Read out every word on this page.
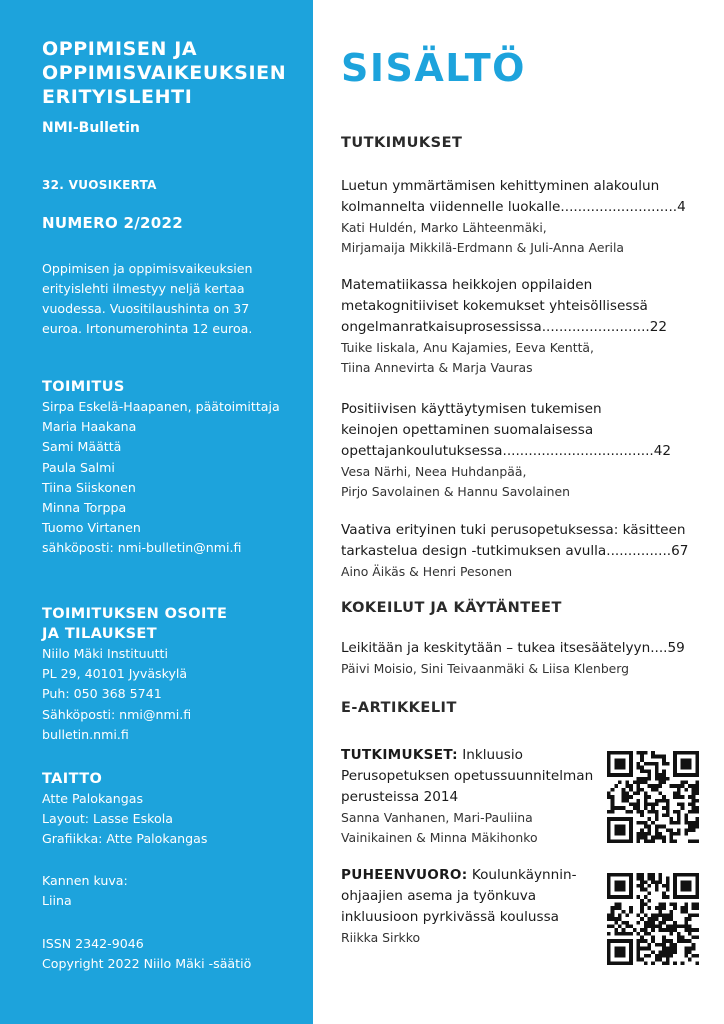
OPPIMISEN JA
OPPIMISVAIKEUKSIEN
ERITYISLEHTI
NMI-Bulletin
32. VUOSIKERTA
NUMERO 2/2022
Oppimisen ja oppimisvaikeuksien erityislehti ilmestyy neljä kertaa vuodessa. Vuositilaushinta on 37 euroa. Irtonumerohinta 12 euroa.
TOIMITUS
Sirpa Eskelä-Haapanen, päätoimittaja
Maria Haakana
Sami Määttä
Paula Salmi
Tiina Siiskonen
Minna Torppa
Tuomo Virtanen
sähköposti: nmi-bulletin@nmi.fi
TOIMITUKSEN OSOITE
JA TILAUKSET
Niilo Mäki Instituutti
PL 29, 40101 Jyväskylä
Puh: 050 368 5741
Sähköposti: nmi@nmi.fi
bulletin.nmi.fi
TAITTO
Atte Palokangas
Layout: Lasse Eskola
Grafiikka: Atte Palokangas
Kannen kuva:
Liina
ISSN 2342-9046
Copyright 2022 Niilo Mäki -säätiö
SISÄLTÖ
TUTKIMUKSET
Luetun ymmärtämisen kehittyminen alakoulun
kolmannelta viidennelle luokalle...........................4
Kati Huldén, Marko Lähteenmäki,
Mirjamaija Mikkilä-Erdmann & Juli-Anna Aerila
Matematiikassa heikkojen oppilaiden
metakognitiiviset kokemukset yhteisöllisessä
ongelmanratkaisuprosessissa.........................22
Tuike Iiskala, Anu Kajamies, Eeva Kenttä,
Tiina Annevirta & Marja Vauras
Positiivisen käyttäytymisen tukemisen
keinojen opettaminen suomalaisessa
opettajankoulutuksessa...................................42
Vesa Närhi, Neea Huhdanpää,
Pirjo Savolainen & Hannu Savolainen
Vaativa erityinen tuki perusopetuksessa: käsitteen
tarkastelua design -tutkimuksen avulla...............67
Aino Äikäs & Henri Pesonen
KOKEILUT JA KÄYTÄNTEET
Leikitään ja keskitytään – tukea itsesäätelyyn....59
Päivi Moisio, Sini Teivaanmäki & Liisa Klenberg
E-ARTIKKELIT
TUTKIMUKSET: Inkluusio
Perusopetuksen opetussuunnitelman
perusteissa 2014
Sanna Vanhanen, Mari-Pauliina
Vainikainen & Minna Mäkihonko
PUHEENVUORO: Koulunkäynnin-
ohjaajien asema ja työnkuva
inkluusioon pyrkivässä koulussa
Riikka Sirkko
